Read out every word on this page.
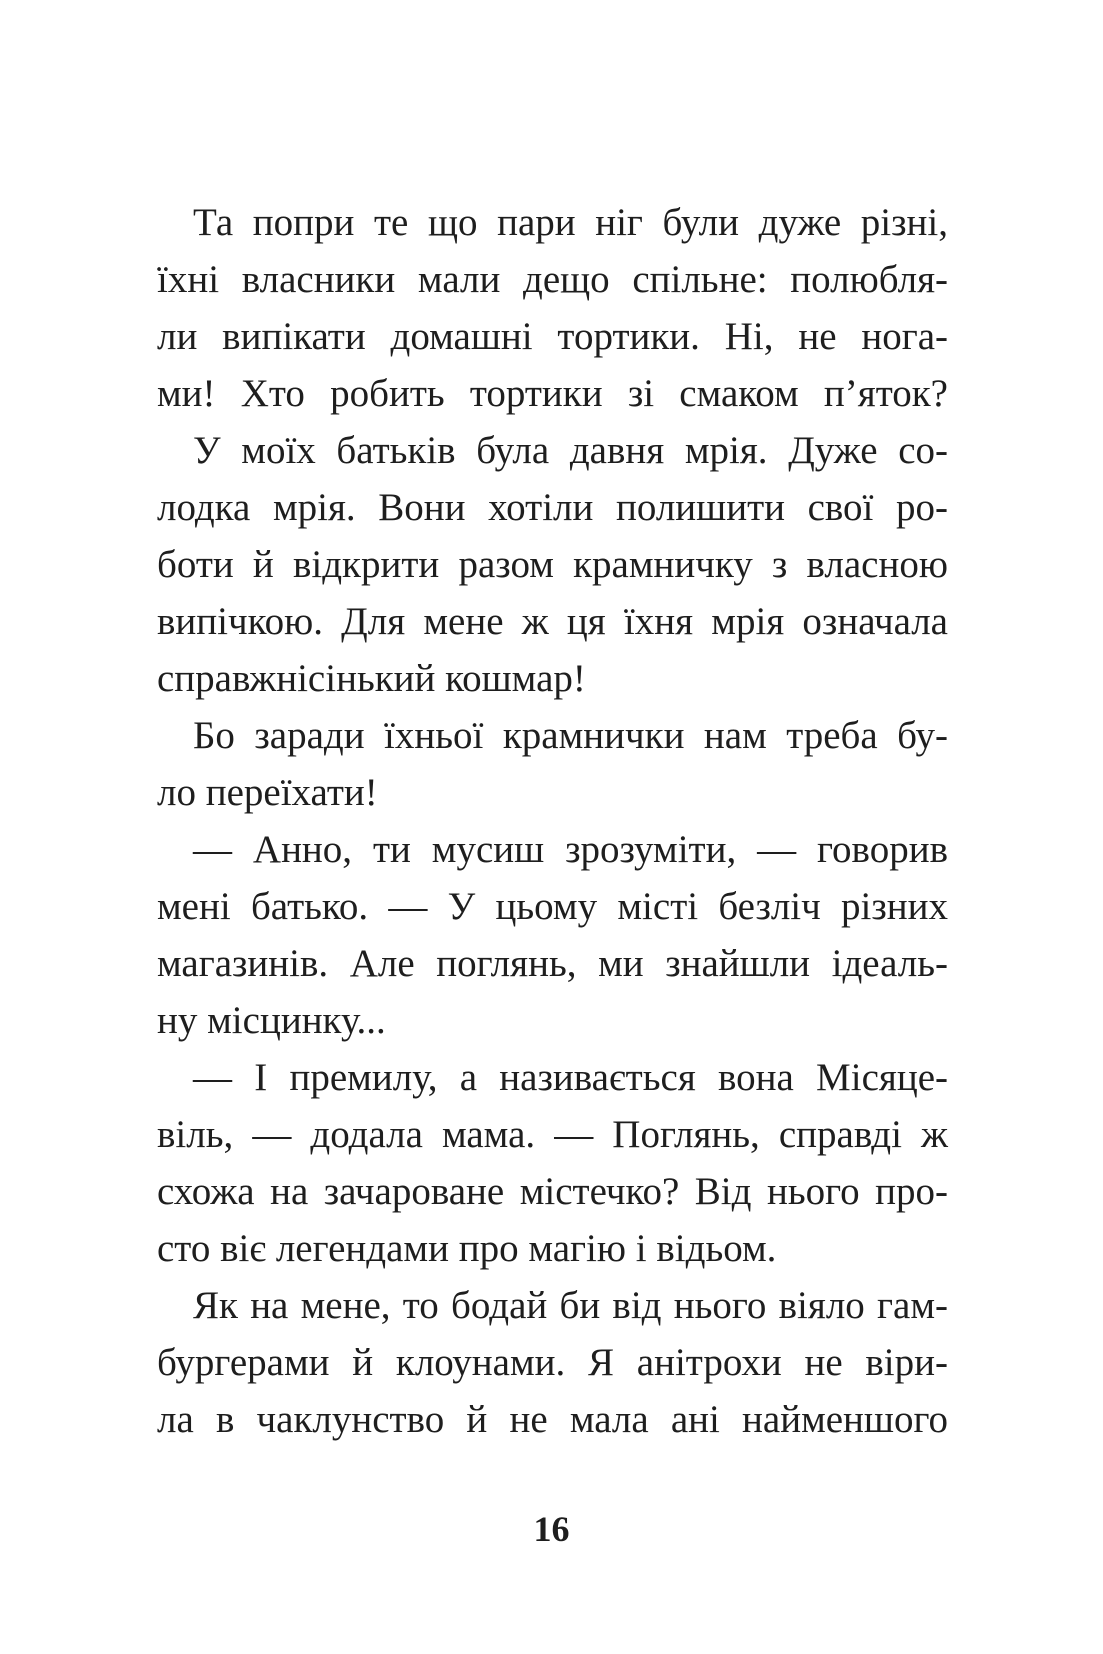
Та попри те що пари ніг були дуже різні,
їхні власники мали дещо спільне: полюбля-
ли випікати домашні тортики. Ні, не нога-
ми! Хто робить тортики зі смаком п’яток?
У моїх батьків була давня мрія. Дуже со-
лодка мрія. Вони хотіли полишити свої ро-
боти й відкрити разом крамничку з власною
випічкою. Для мене ж ця їхня мрія означала
справжнісінький кошмар!
Бо заради їхньої крамнички нам треба бу-
ло переїхати!
— Анно, ти мусиш зрозуміти, — говорив
мені батько. — У цьому місті безліч різних
магазинів. Але поглянь, ми знайшли ідеаль-
ну місцинку...
— І премилу, а називається вона Місяце-
віль, — додала мама. — Поглянь, справді ж
схожа на зачароване містечко? Від нього про-
сто віє легендами про магію і відьом.
Як на мене, то бодай би від нього віяло гам-
бургерами й клоунами. Я анітрохи не віри-
ла в чаклунство й не мала ані найменшого
16
